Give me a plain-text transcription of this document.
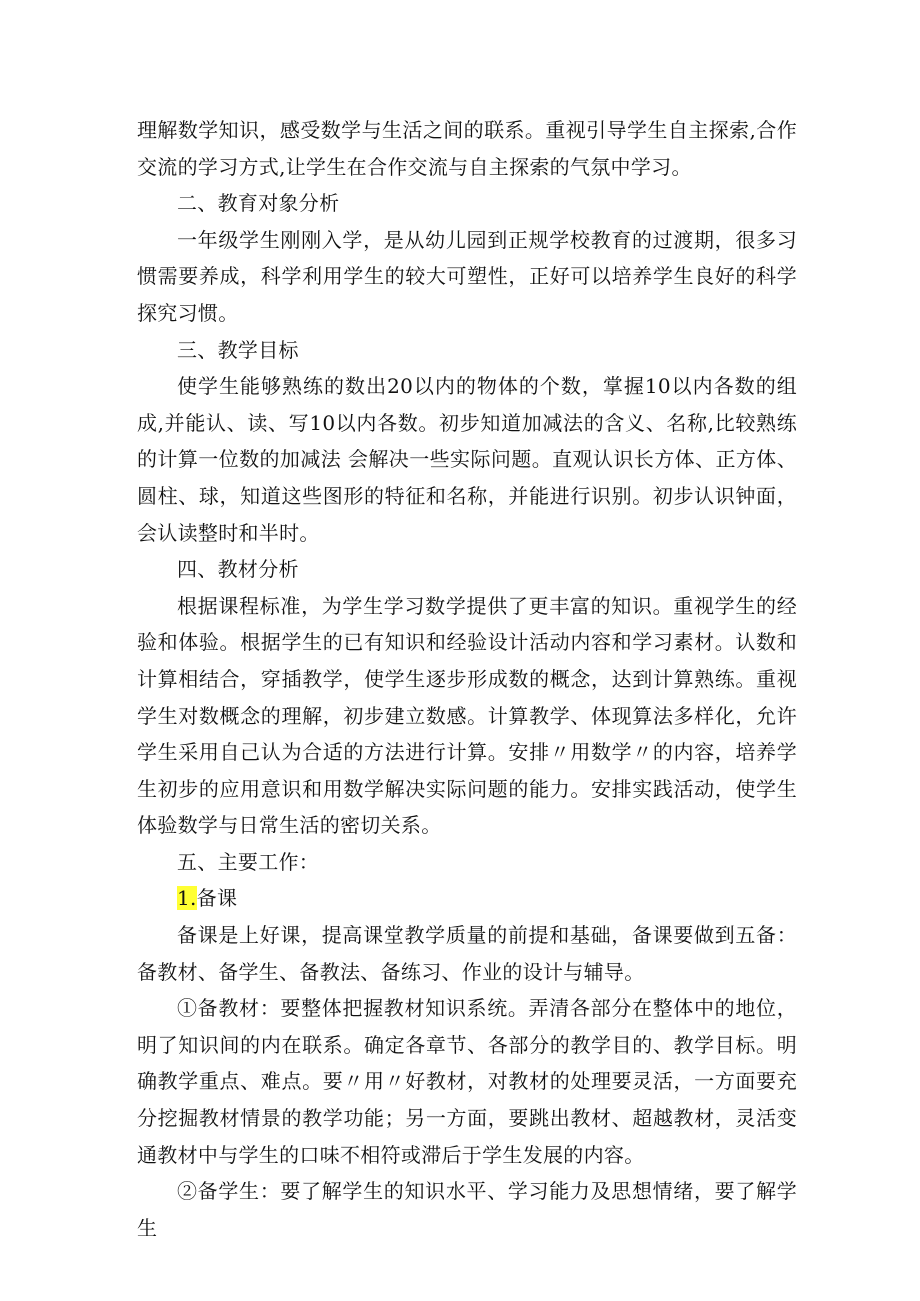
理解数学知识，感受数学与生活之间的联系。重视引导学生自主探索,合作交流的学习方式,让学生在合作交流与自主探索的气氛中学习。

二、教育对象分析

一年级学生刚刚入学，是从幼儿园到正规学校教育的过渡期，很多习惯需要养成，科学利用学生的较大可塑性，正好可以培养学生良好的科学探究习惯。

三、教学目标

使学生能够熟练的数出20以内的物体的个数，掌握10以内各数的组成,并能认、读、写10以内各数。初步知道加减法的含义、名称,比较熟练的计算一位数的加减法 会解决一些实际问题。直观认识长方体、正方体、圆柱、球，知道这些图形的特征和名称，并能进行识别。初步认识钟面，会认读整时和半时。

四、教材分析

根据课程标准，为学生学习数学提供了更丰富的知识。重视学生的经验和体验。根据学生的已有知识和经验设计活动内容和学习素材。认数和计算相结合，穿插教学，使学生逐步形成数的概念，达到计算熟练。重视学生对数概念的理解，初步建立数感。计算教学、体现算法多样化，允许学生采用自己认为合适的方法进行计算。安排〃用数学〃的内容，培养学生初步的应用意识和用数学解决实际问题的能力。安排实践活动，使学生体验数学与日常生活的密切关系。

五、主要工作：

1.备课

备课是上好课，提高课堂教学质量的前提和基础，备课要做到五备：备教材、备学生、备教法、备练习、作业的设计与辅导。

①备教材：要整体把握教材知识系统。弄清各部分在整体中的地位，明了知识间的内在联系。确定各章节、各部分的教学目的、教学目标。明确教学重点、难点。要〃用〃好教材，对教材的处理要灵活，一方面要充分挖掘教材情景的教学功能；另一方面，要跳出教材、超越教材，灵活变通教材中与学生的口味不相符或滞后于学生发展的内容。

②备学生：要了解学生的知识水平、学习能力及思想情绪，要了解学生
